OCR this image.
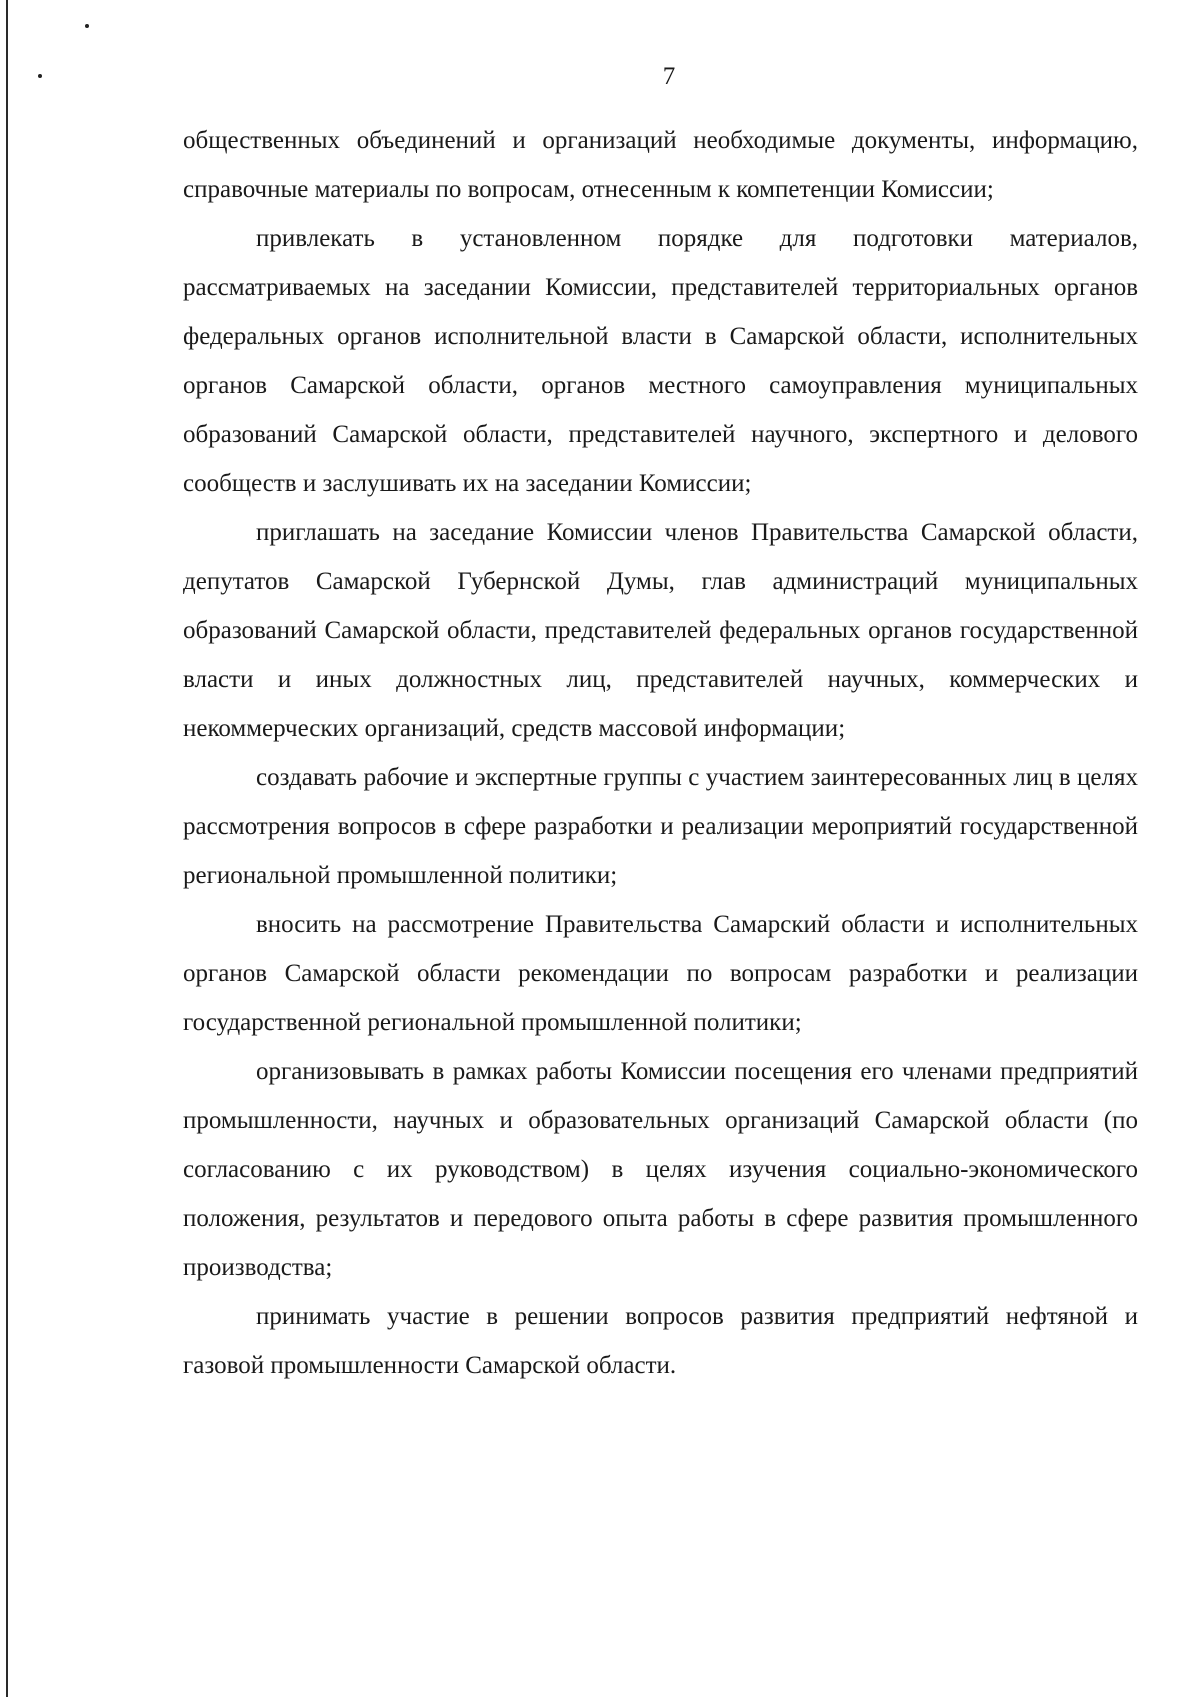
7

общественных объединений и организаций необходимые документы, информацию, справочные материалы по вопросам, отнесенным к компетенции Комиссии;

привлекать в установленном порядке для подготовки материалов, рассматриваемых на заседании Комиссии, представителей территориальных органов федеральных органов исполнительной власти в Самарской области, исполнительных органов Самарской области, органов местного самоуправления муниципальных образований Самарской области, представителей научного, экспертного и делового сообществ и заслушивать их на заседании Комиссии;

приглашать на заседание Комиссии членов Правительства Самарской области, депутатов Самарской Губернской Думы, глав администраций муниципальных образований Самарской области, представителей федеральных органов государственной власти и иных должностных лиц, представителей научных, коммерческих и некоммерческих организаций, средств массовой информации;

создавать рабочие и экспертные группы с участием заинтересованных лиц в целях рассмотрения вопросов в сфере разработки и реализации мероприятий государственной региональной промышленной политики;

вносить на рассмотрение Правительства Самарский области и исполнительных органов Самарской области рекомендации по вопросам разработки и реализации государственной региональной промышленной политики;

организовывать в рамках работы Комиссии посещения его членами предприятий промышленности, научных и образовательных организаций Самарской области (по согласованию с их руководством) в целях изучения социально-экономического положения, результатов и передового опыта работы в сфере развития промышленного производства;

принимать участие в решении вопросов развития предприятий нефтяной и газовой промышленности Самарской области.
